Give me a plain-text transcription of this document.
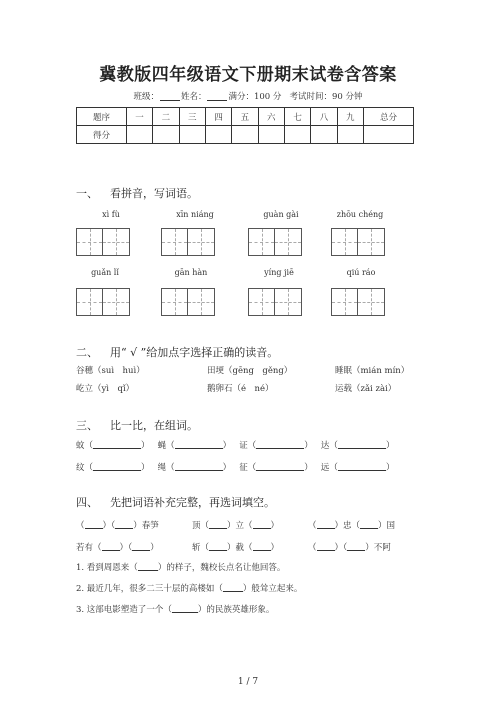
冀教版四年级语文下册期末试卷含答案
班级：	姓名：	满分：100 分 考试时间：90 分钟
题序	一	二	三	四	五	六	七	八	九	总分
得分										
一、 看拼音，写词语。
xì fù	xīn niáng	guàn gài	zhōu chéng
guǎn lǐ	gān hàn	yíng jiē	qiú ráo
二、 用“ √ ”给加点字选择正确的读音。
谷穗（suì　huì）	田埂（gēng　gěng）	睡眠（mián mín）
屹立（yì　qǐ）	鹅卵石（é　né）	运载（zǎi zài）
三、 比一比，在组词。
蚊（	） 蝇（	） 证（	） 达（	）
纹（	） 绳（	） 征（	） 远（	）
四、 先把词语补充完整，再选词填空。
（ ）（ ）春笋	顶（ ）立（ ）	（ ）忠（ ）国
若有（ ）（ ）	斩（ ）截（ ）	（ ）（ ）不阿
1. 看到周恩来（ ）的样子，魏校长点名让他回答。
2. 最近几年，很多二三十层的高楼如（ ）般耸立起来。
3. 这部电影塑造了一个（	）的民族英雄形象。
1 / 7
